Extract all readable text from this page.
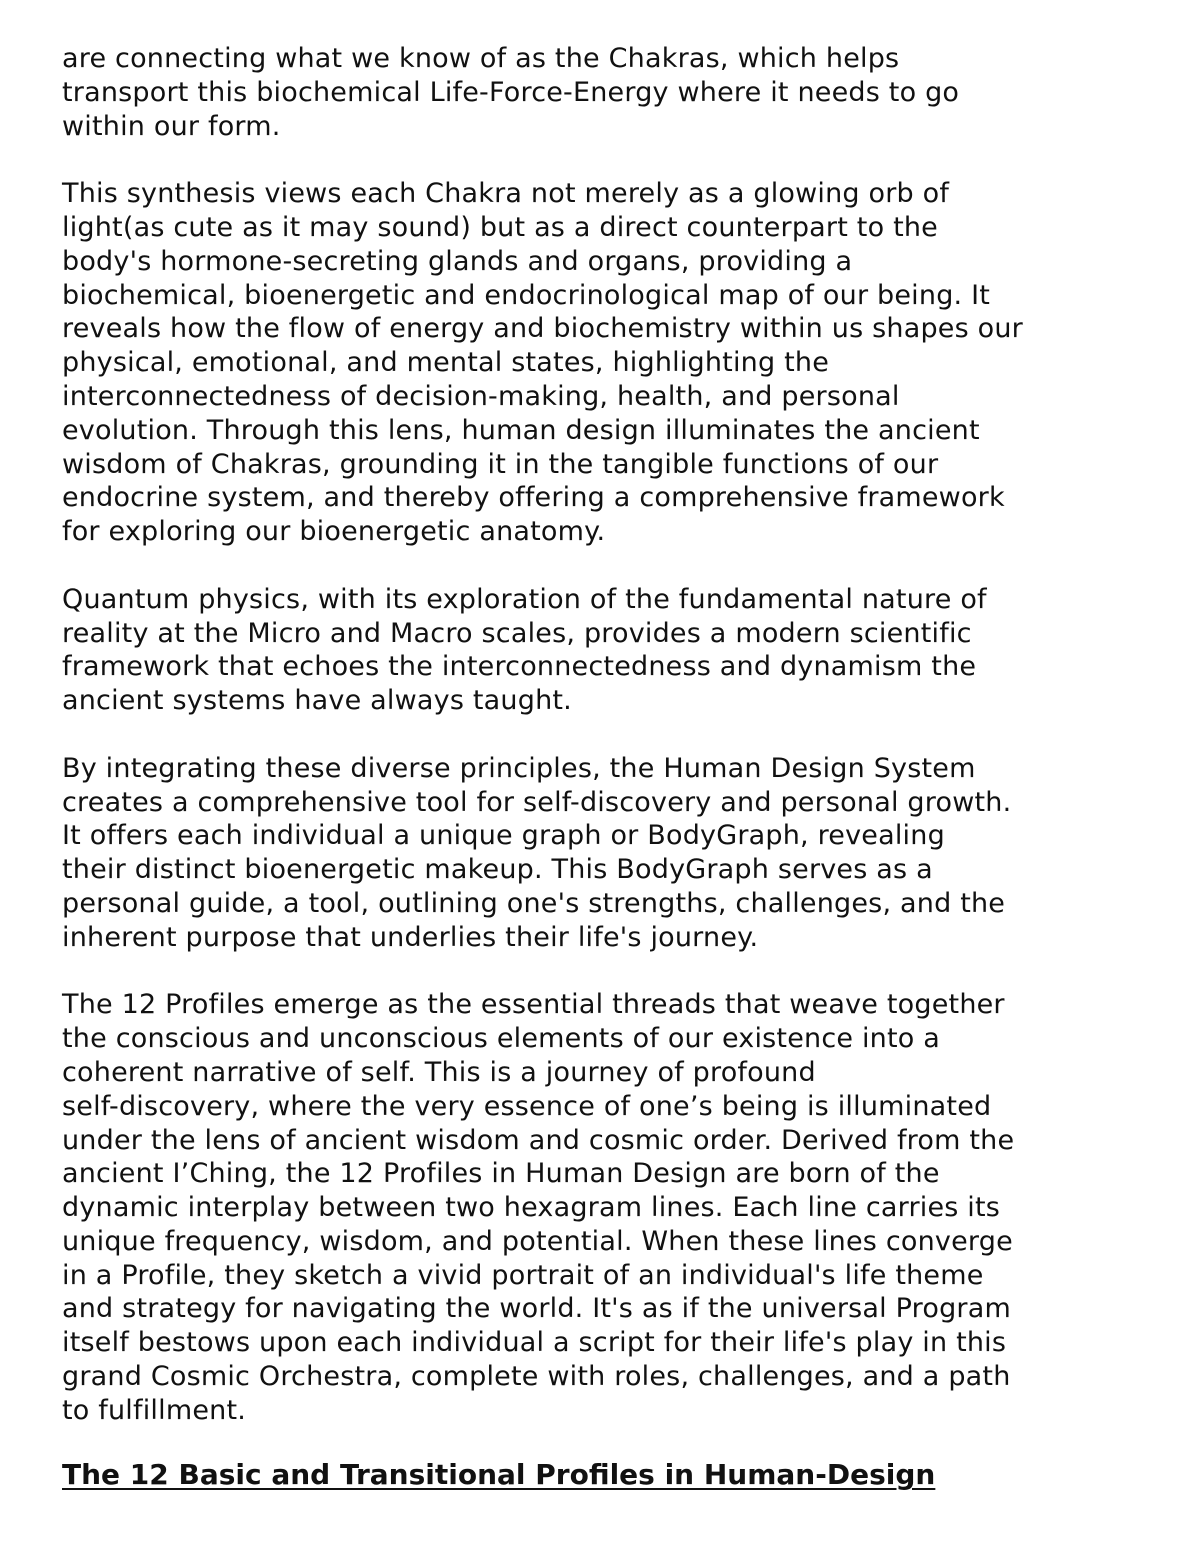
are connecting what we know of as the Chakras, which helps
transport this biochemical Life-Force-Energy where it needs to go
within our form.

This synthesis views each Chakra not merely as a glowing orb of
light(as cute as it may sound) but as a direct counterpart to the
body's hormone-secreting glands and organs, providing a
biochemical, bioenergetic and endocrinological map of our being. It
reveals how the flow of energy and biochemistry within us shapes our
physical, emotional, and mental states, highlighting the
interconnectedness of decision-making, health, and personal
evolution. Through this lens, human design illuminates the ancient
wisdom of Chakras, grounding it in the tangible functions of our
endocrine system, and thereby offering a comprehensive framework
for exploring our bioenergetic anatomy.

Quantum physics, with its exploration of the fundamental nature of
reality at the Micro and Macro scales, provides a modern scientific
framework that echoes the interconnectedness and dynamism the
ancient systems have always taught.

By integrating these diverse principles, the Human Design System
creates a comprehensive tool for self-discovery and personal growth.
It offers each individual a unique graph or BodyGraph, revealing
their distinct bioenergetic makeup. This BodyGraph serves as a
personal guide, a tool, outlining one's strengths, challenges, and the
inherent purpose that underlies their life's journey.

The 12 Profiles emerge as the essential threads that weave together
the conscious and unconscious elements of our existence into a
coherent narrative of self. This is a journey of profound
self-discovery, where the very essence of one’s being is illuminated
under the lens of ancient wisdom and cosmic order. Derived from the
ancient I’Ching, the 12 Profiles in Human Design are born of the
dynamic interplay between two hexagram lines. Each line carries its
unique frequency, wisdom, and potential. When these lines converge
in a Profile, they sketch a vivid portrait of an individual's life theme
and strategy for navigating the world. It's as if the universal Program
itself bestows upon each individual a script for their life's play in this
grand Cosmic Orchestra, complete with roles, challenges, and a path
to fulfillment.

The 12 Basic and Transitional Profiles in Human-Design
